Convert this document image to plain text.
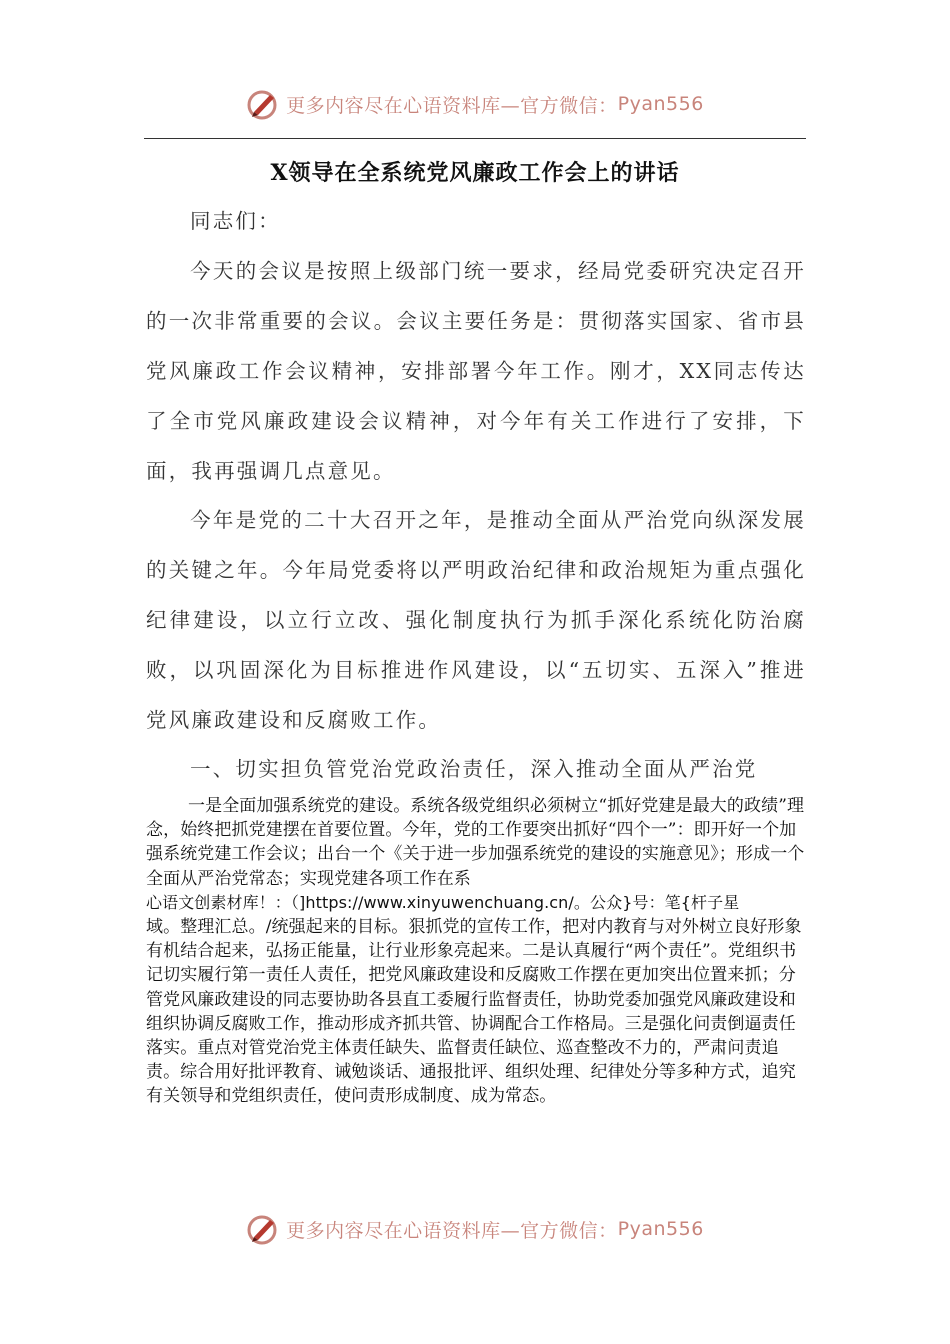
更多内容尽在心语资料库—官方微信： Pyan556
X领导在全系统党风廉政工作会上的讲话

同志们：

今天的会议是按照上级部门统一要求，经局党委研究决定召开的一次非常重要的会议。会议主要任务是：贯彻落实国家、省市县党风廉政工作会议精神，安排部署今年工作。刚才，XX同志传达了全市党风廉政建设会议精神，对今年有关工作进行了安排，下面，我再强调几点意见。

今年是党的二十大召开之年，是推动全面从严治党向纵深发展的关键之年。今年局党委将以严明政治纪律和政治规矩为重点强化纪律建设，以立行立改、强化制度执行为抓手深化系统化防治腐败，以巩固深化为目标推进作风建设，以“五切实、五深入”推进党风廉政建设和反腐败工作。

一、切实担负管党治党政治责任，深入推动全面从严治党

一是全面加强系统党的建设。系统各级党组织必须树立“抓好党建是最大的政绩”理念，始终把抓党建摆在首要位置。今年，党的工作要突出抓好“四个一”：即开好一个加强系统党建工作会议；出台一个《关于进一步加强系统党的建设的实施意见》；形成一个全面从严治党常态；实现党建各项工作在系
心语文创素材库！：（]https://www.xinyuwenchuang.cn/。公众}号：笔{杆子星
域。整理汇总。/统强起来的目标。狠抓党的宣传工作，把对内教育与对外树立良好形象有机结合起来，弘扬正能量，让行业形象亮起来。二是认真履行“两个责任”。党组织书记切实履行第一责任人责任，把党风廉政建设和反腐败工作摆在更加突出位置来抓；分管党风廉政建设的同志要协助各县直工委履行监督责任，协助党委加强党风廉政建设和组织协调反腐败工作，推动形成齐抓共管、协调配合工作格局。三是强化问责倒逼责任落实。重点对管党治党主体责任缺失、监督责任缺位、巡查整改不力的，严肃问责追责。综合用好批评教育、诫勉谈话、通报批评、组织处理、纪律处分等多种方式，追究有关领导和党组织责任，使问责形成制度、成为常态。

更多内容尽在心语资料库—官方微信： Pyan556
